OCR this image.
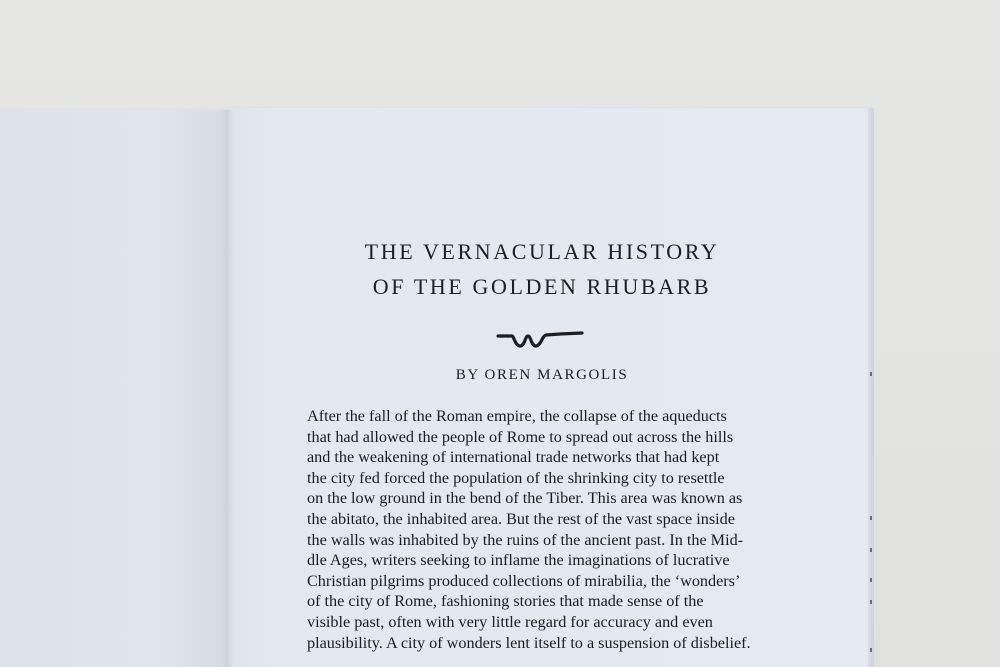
THE VERNACULAR HISTORY
OF THE GOLDEN RHUBARB
BY OREN MARGOLIS
After the fall of the Roman empire, the collapse of the aqueducts
that had allowed the people of Rome to spread out across the hills
and the weakening of international trade networks that had kept
the city fed forced the population of the shrinking city to resettle
on the low ground in the bend of the Tiber. This area was known as
the abitato, the inhabited area. But the rest of the vast space inside
the walls was inhabited by the ruins of the ancient past. In the Mid-
dle Ages, writers seeking to inflame the imaginations of lucrative
Christian pilgrims produced collections of mirabilia, the ‘wonders’
of the city of Rome, fashioning stories that made sense of the
visible past, often with very little regard for accuracy and even
plausibility. A city of wonders lent itself to a suspension of disbelief.
